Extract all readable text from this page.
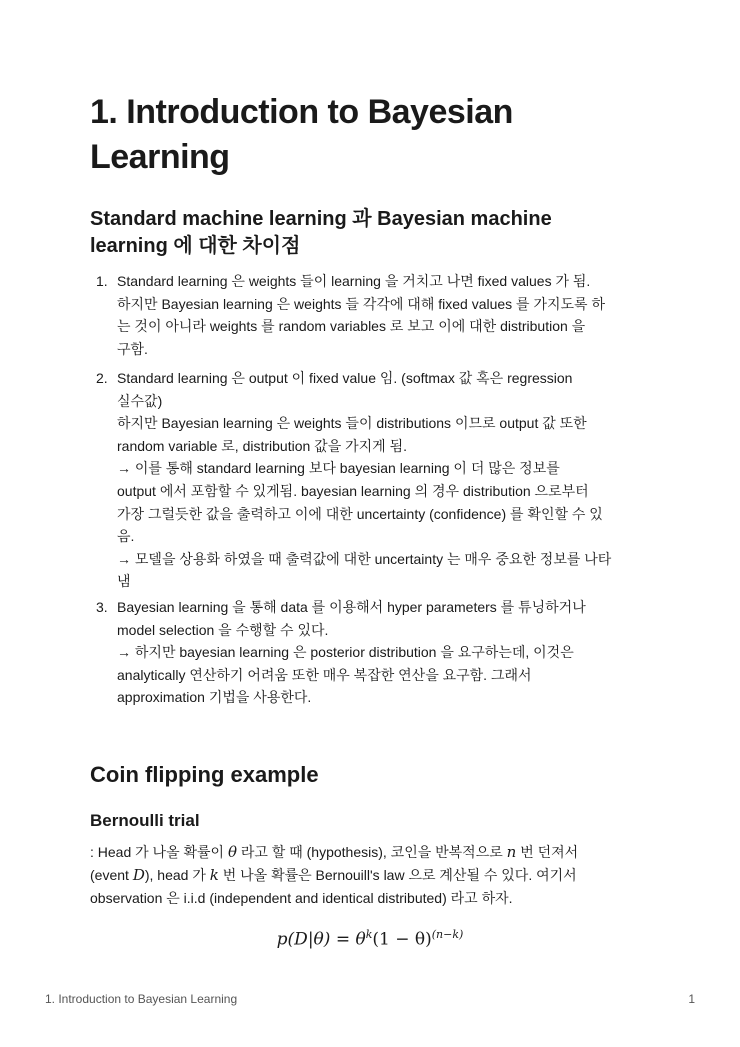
1. Introduction to Bayesian
Learning
Standard machine learning 과 Bayesian machine
learning 에 대한 차이점
1. Standard learning 은 weights 들이 learning 을 거치고 나면 fixed values 가 됨.
하지만 Bayesian learning 은 weights 들 각각에 대해 fixed values 를 가지도록 하
는 것이 아니라 weights 를 random variables 로 보고 이에 대한 distribution 을
구함.
2. Standard learning 은 output 이 fixed value 임. (softmax 값 혹은 regression
실수값)
하지만 Bayesian learning 은 weights 들이 distributions 이므로 output 값 또한
random variable 로, distribution 값을 가지게 됨.
→ 이를 통해 standard learning 보다 bayesian learning 이 더 많은 정보를
output 에서 포함할 수 있게됨. bayesian learning 의 경우 distribution 으로부터
가장 그럴듯한 값을 출력하고 이에 대한 uncertainty (confidence) 를 확인할 수 있
음.
→ 모델을 상용화 하였을 때 출력값에 대한 uncertainty 는 매우 중요한 정보를 나타
냄
3. Bayesian learning 을 통해 data 를 이용해서 hyper parameters 를 튜닝하거나
model selection 을 수행할 수 있다.
→ 하지만 bayesian learning 은 posterior distribution 을 요구하는데, 이것은
analytically 연산하기 어려움 또한 매우 복잡한 연산을 요구함. 그래서
approximation 기법을 사용한다.
Coin flipping example
Bernoulli trial
: Head 가 나올 확률이 θ 라고 할 때 (hypothesis), 코인을 반복적으로 n 번 던져서
(event D), head 가 k 번 나올 확률은 Bernouill's law 으로 계산될 수 있다. 여기서
observation 은 i.i.d (independent and identical distributed) 라고 하자.
$p(D|\theta) = \theta^k(1 - \theta)^{(n-k)}$
1. Introduction to Bayesian Learning	1
